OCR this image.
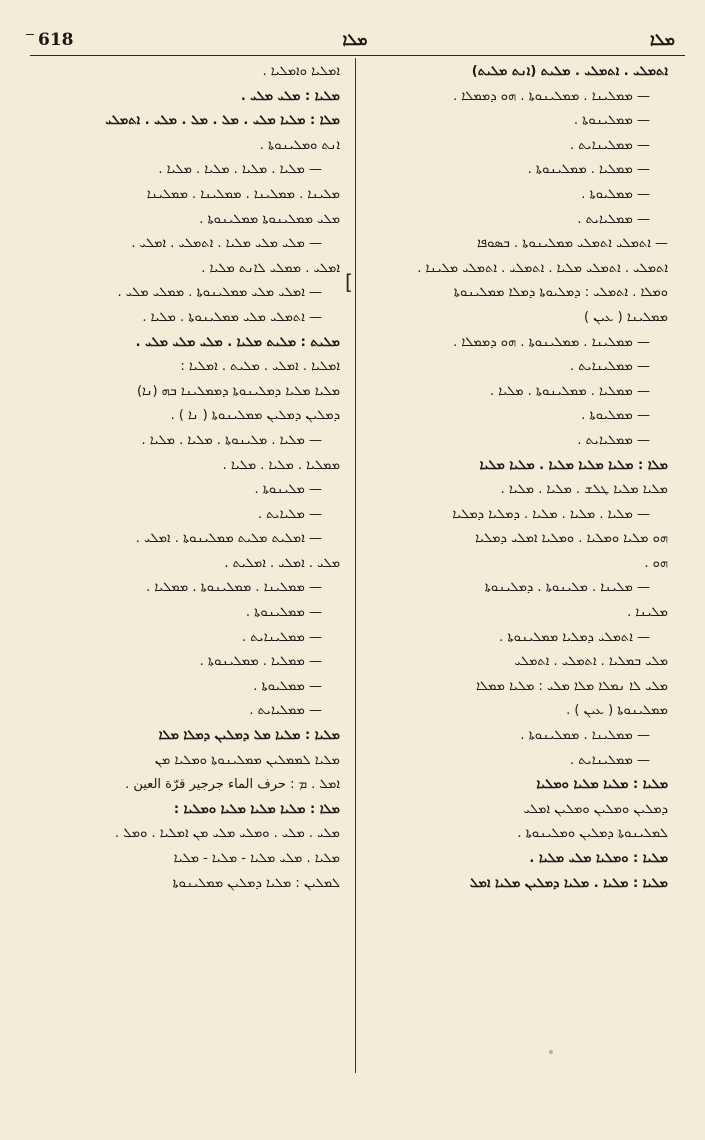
618	ܡܠܐ	ܡܠܐ
[
ܐܬܡܠܝ . ܐܬܡܠܝ . ܡܠܝܬ (ܐܢܬ ܡܠܝܬ)
— ܡܡܠܝܢܐ . ܡܡܠܝܢܘܬܐ . ܗܘ ܕܡܡܠܐ .
— ܡܡܠܝܢܘܬܐ .
— ܡܡܠܝܢܐܝܬ .
— ܡܡܠܝܐ . ܡܡܠܝܢܘܬܐ .
— ܡܡܠܝܘܬܐ .
— ܡܡܠܝܐܝܬ .
— ܐܬܡܠܝ ܐܬܡܠܝ ܡܡܠܝܢܘܬܐ . ܒܣܘܦܐ
ܐܬܡܠܝ . ܐܬܡܠܝ ܡܠܝܐ . ܐܬܡܠܝ . ܐܬܡܠܝ ܡܠܝܢܐ .
ܘܡܠܐ . ܐܬܡܠܝ : ܕܡܠܝܘܬܐ ܕܡܠܐ ܡܡܠܝܢܘܬܐ
ܡܡܠܝܢܐ ( ܥܝܢ )
— ܡܡܠܝܢܐ . ܡܡܠܝܢܘܬܐ . ܗܘ ܕܡܡܠܐ .
— ܡܡܠܝܢܐܝܬ .
— ܡܡܠܝܐ . ܡܡܠܝܢܘܬܐ . ܡܠܝܐ .
— ܡܡܠܝܘܬܐ .
— ܡܡܠܝܐܝܬ .
ܡܠܐ : ܡܠܝܐ ܡܠܝܐ ܡܠܝܐ . ܡܠܝܐ ܡܠܝܐ
ܡܠܝܐ ܡܠܝܐ ܛܠܫ . ܡܠܝܐ . ܡܠܝܐ .
— ܡܠܝܐ . ܡܠܝܐ . ܡܠܝܐ . ܕܡܠܝܐ ܕܡܠܝܐ
ܗܘ ܡܠܝܐ ܘܡܠܝܐ . ܘܡܠܝܐ ܐܡܠܝ ܕܡܠܝܐ
ܗܘ .
— ܡܠܝܢܐ . ܡܠܝܢܘܬܐ . ܕܡܠܝܢܘܬܐ
ܡܠܝܢܐ .
— ܐܬܡܠܝ ܕܡܠܝܐ ܡܡܠܝܢܘܬܐ .
ܡܠܝ ܒܡܠܝܐ . ܐܬܡܠܝ . ܐܬܡܠܝ
ܡܠܝ ܠܐ ܢܡܠܐ ܡܠܐ ܡܠܝ : ܡܠܝܐ ܡܡܠܐ
ܡܡܠܝܢܘܬܐ ( ܥܝܢ ) .
— ܡܡܠܝܢܐ . ܡܡܠܝܢܘܬܐ .
— ܡܡܠܝܢܐܝܬ .
ܡܠܝܐ : ܡܠܝܐ ܡܠܝܐ ܘܡܠܝܐ
ܕܡܠܝܢ ܘܡܠܝܢ ܘܡܠܝܢ ܐܡܠܝ
ܠܡܠܝܢܘܬܐ ܕܡܠܝܢ ܘܡܠܝܢܘܬܐ .
ܡܠܝܐ : ܘܡܠܝܐ ܡܠܝ ܡܠܝܐ .
ܡܠܝܐ : ܡܠܝܐ . ܡܠܝܐ ܕܡܠܝܢ ܡܠܝܐ ܐܡܠ
ܐܡܠܝܐ ܘܐܡܠܝܐ .
ܡܠܝܐ : ܡܠܝ ܡܠܝ .
ܡܠܐ : ܡܠܝܐ ܡܠܝ . ܡܠ . ܡܠ . ܡܠܝ . ܐܬܡܠܝ
ܐܢܬ ܘܡܠܝܢܘܬܐ .
— ܡܠܝܐ . ܡܠܝܐ . ܡܠܝܐ . ܡܠܝܐ .
ܡܠܝܢܐ . ܡܡܠܝܢܐ . ܡܡܠܝܢܐ . ܡܡܠܝܢܐ
ܡܠܝ ܡܡܠܝܢܘܬܐ ܡܡܠܝܢܘܬܐ .
— ܡܠܝ ܡܠܝ ܡܠܝܐ . ܐܬܡܠܝ . ܐܡܠܝ .
ܐܡܠܝ . ܡܡܠܝ ܠܐܢܬ ܡܠܝܐ .
— ܐܡܠܝ ܡܠܝ ܡܡܠܝܢܘܬܐ . ܡܡܠܝ ܡܠܝ .
— ܐܬܡܠܝ ܡܠܝ ܡܡܠܝܢܘܬܐ . ܡܠܝܐ .
ܡܠܝܬ : ܡܠܝܬ ܡܠܝܐ . ܡܠܝ ܡܠܝ ܡܠܝ .
ܐܡܠܝܐ . ܐܡܠܝ . ܡܠܝܬ . ܐܡܠܝܐ :
ܡܠܝܐ ܡܠܝܐ ܕܡܠܝܢܘܬܐ ܕܡܡܠܝܢܐ ܒܗ (ܢܐ)
ܕܡܠܝܢ ܕܡܠܝܢ ܡܡܠܝܢܘܬܐ ( ܢܐ ) .
— ܡܠܝܐ . ܡܠܝܢܘܬܐ . ܡܠܝܐ . ܡܠܝܐ .
ܡܡܠܝܐ . ܡܠܝܐ . ܡܠܝܐ .
— ܡܠܝܢܘܬܐ .
— ܡܠܝܐܝܬ .
— ܐܡܠܝܬ ܡܠܝܬ ܡܡܠܝܢܘܬܐ . ܐܡܠܝ .
ܡܠܝ . ܐܡܠܝ . ܐܡܠܝܬ .
— ܡܡܠܝܢܐ . ܡܡܠܝܢܘܬܐ . ܡܡܠܝܐ .
— ܡܡܠܝܢܘܬܐ .
— ܡܡܠܝܢܐܝܬ .
— ܡܡܠܝܐ . ܡܡܠܝܢܘܬܐ .
— ܡܡܠܝܘܬܐ .
— ܡܡܠܝܐܝܬ .
ܡܠܝܐ : ܡܠܝܐ ܡܠ ܕܡܠܝܢ ܕܡܠܐ ܡܠܐ
ܡܠܝܐ ܠܡܡܠܝܢ ܡܡܠܝܢܘܬܐ ܘܡܠܝܐ ܡܢ
ܐܡܠ . ܡ : حرف الماء جرجير قرّة العين .
ܡܠܐ : ܡܠܝܐ ܡܠܝܐ ܡܠܝܐ ܘܡܠܝܐ :
ܡܠܝ . ܡܠܝ . ܘܡܠܝ ܡܠܝ ܡܢ ܐܡܠܝܐ . ܘܡܠ .
ܡܠܝܐ . ܡܠܝ ܡܠܝܐ - ܡܠܝܐ - ܡܠܝܐ
ܠܡܠܝܢ : ܡܠܝܐ ܕܡܠܝܢ ܡܡܠܝܢܘܬܐ
